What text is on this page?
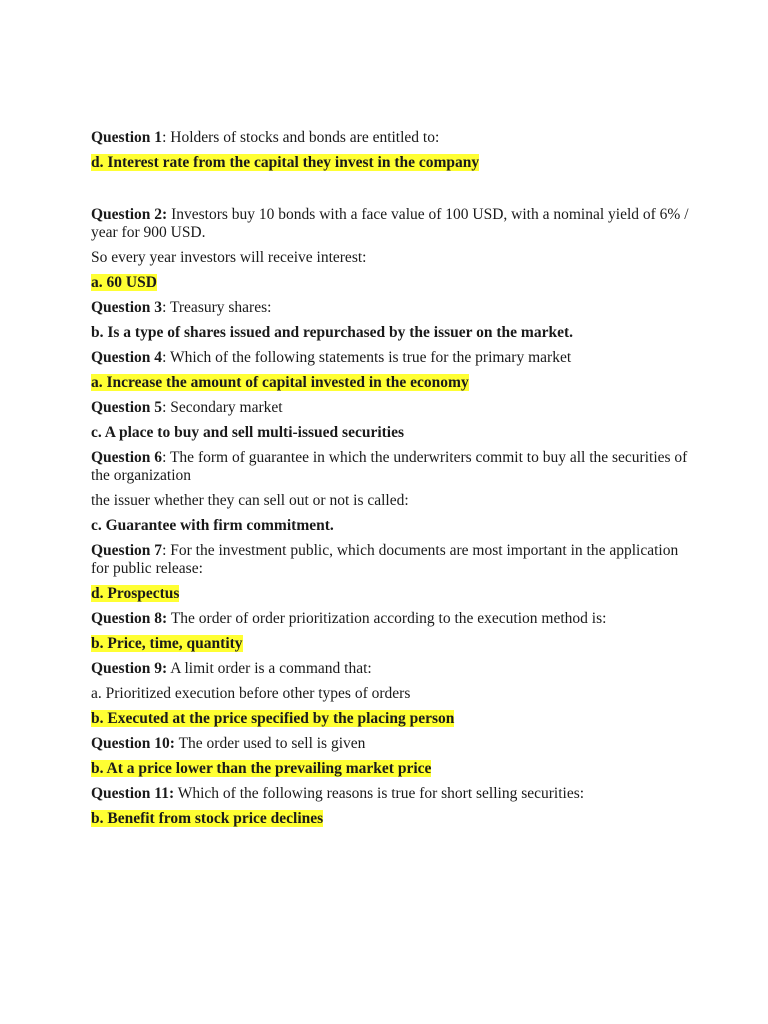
Question 1: Holders of stocks and bonds are entitled to:

d. Interest rate from the capital they invest in the company

Question 2: Investors buy 10 bonds with a face value of 100 USD, with a nominal yield of 6% / year for 900 USD.

So every year investors will receive interest:

a. 60 USD

Question 3: Treasury shares:

b. Is a type of shares issued and repurchased by the issuer on the market.

Question 4: Which of the following statements is true for the primary market

a. Increase the amount of capital invested in the economy

Question 5: Secondary market

c. A place to buy and sell multi-issued securities

Question 6: The form of guarantee in which the underwriters commit to buy all the securities of the organization

the issuer whether they can sell out or not is called:

c. Guarantee with firm commitment.

Question 7: For the investment public, which documents are most important in the application for public release:

d. Prospectus

Question 8: The order of order prioritization according to the execution method is:

b. Price, time, quantity

Question 9: A limit order is a command that:

a. Prioritized execution before other types of orders

b. Executed at the price specified by the placing person

Question 10: The order used to sell is given

b. At a price lower than the prevailing market price

Question 11: Which of the following reasons is true for short selling securities:

b. Benefit from stock price declines
